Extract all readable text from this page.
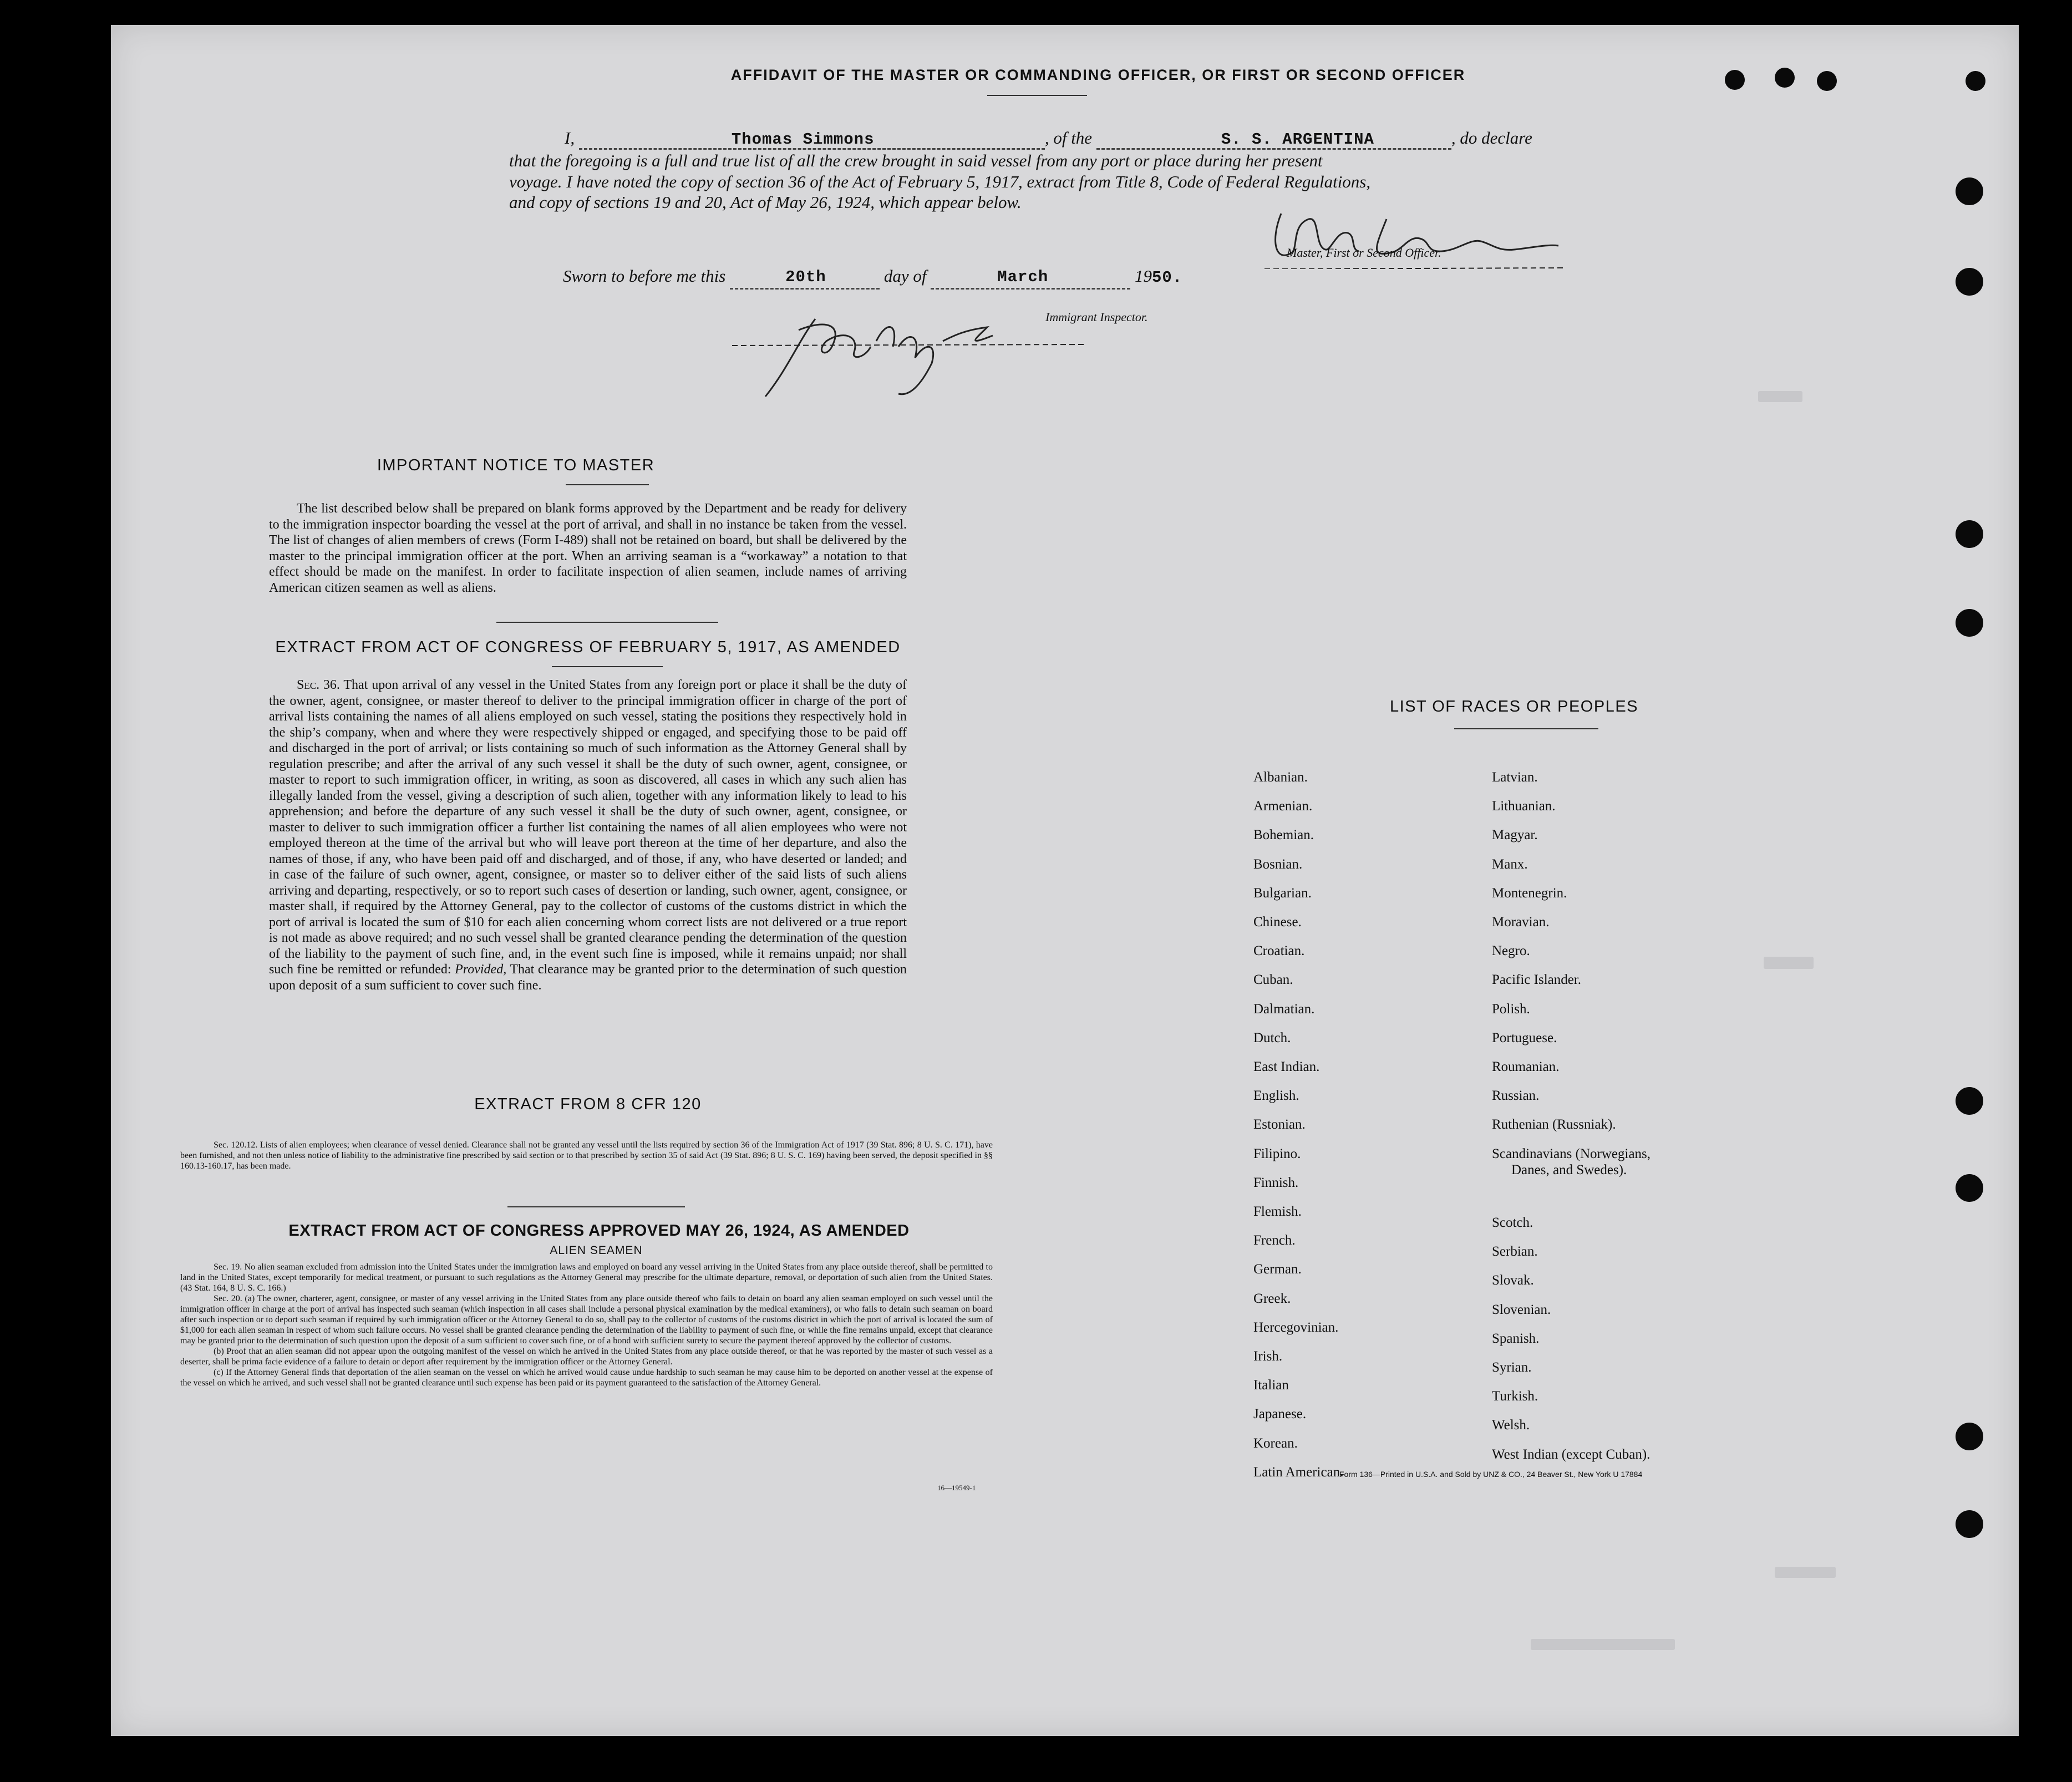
AFFIDAVIT OF THE MASTER OR COMMANDING OFFICER, OR FIRST OR SECOND OFFICER
I,	Thomas Simmons	, of the	S. S. ARGENTINA	, do declare
that the foregoing is a full and true list of all the crew brought in said vessel from any port or place during her present
voyage. I have noted the copy of section 36 of the Act of February 5, 1917, extract from Title 8, Code of Federal Regulations,
and copy of sections 19 and 20, Act of May 26, 1924, which appear below.
Master, First or Second Officer.
Sworn to before me this	20th	day of	March	1950.
Immigrant Inspector.
IMPORTANT NOTICE TO MASTER
The list described below shall be prepared on blank forms approved by the Department and be ready for delivery to the immigration inspector boarding the vessel at the port of arrival, and shall in no instance be taken from the vessel. The list of changes of alien members of crews (Form I-489) shall not be retained on board, but shall be delivered by the master to the principal immigration officer at the port. When an arriving seaman is a “workaway” a notation to that effect should be made on the manifest. In order to facilitate inspection of alien seamen, include names of arriving American citizen seamen as well as aliens.
EXTRACT FROM ACT OF CONGRESS OF FEBRUARY 5, 1917, AS AMENDED
Sec. 36. That upon arrival of any vessel in the United States from any foreign port or place it shall be the duty of the owner, agent, consignee, or master thereof to deliver to the principal immigration officer in charge of the port of arrival lists containing the names of all aliens employed on such vessel, stating the positions they respectively hold in the ship’s company, when and where they were respectively shipped or engaged, and specifying those to be paid off and discharged in the port of arrival; or lists containing so much of such information as the Attorney General shall by regulation prescribe; and after the arrival of any such vessel it shall be the duty of such owner, agent, consignee, or master to report to such immigration officer, in writing, as soon as discovered, all cases in which any such alien has illegally landed from the vessel, giving a description of such alien, together with any information likely to lead to his apprehension; and before the departure of any such vessel it shall be the duty of such owner, agent, consignee, or master to deliver to such immigration officer a further list containing the names of all alien employees who were not employed thereon at the time of the arrival but who will leave port thereon at the time of her departure, and also the names of those, if any, who have been paid off and discharged, and of those, if any, who have deserted or landed; and in case of the failure of such owner, agent, consignee, or master so to deliver either of the said lists of such aliens arriving and departing, respectively, or so to report such cases of desertion or landing, such owner, agent, consignee, or master shall, if required by the Attorney General, pay to the collector of customs of the customs district in which the port of arrival is located the sum of $10 for each alien concerning whom correct lists are not delivered or a true report is not made as above required; and no such vessel shall be granted clearance pending the determination of the question of the liability to the payment of such fine, and, in the event such fine is imposed, while it remains unpaid; nor shall such fine be remitted or refunded: Provided, That clearance may be granted prior to the determination of such question upon deposit of a sum sufficient to cover such fine.
EXTRACT FROM 8 CFR 120
Sec. 120.12. Lists of alien employees; when clearance of vessel denied. Clearance shall not be granted any vessel until the lists required by section 36 of the Immigration Act of 1917 (39 Stat. 896; 8 U. S. C. 171), have been furnished, and not then unless notice of liability to the administrative fine prescribed by said section or to that prescribed by section 35 of said Act (39 Stat. 896; 8 U. S. C. 169) having been served, the deposit specified in §§ 160.13-160.17, has been made.
EXTRACT FROM ACT OF CONGRESS APPROVED MAY 26, 1924, AS AMENDED
ALIEN SEAMEN
Sec. 19. No alien seaman excluded from admission into the United States under the immigration laws and employed on board any vessel arriving in the United States from any place outside thereof, shall be permitted to land in the United States, except temporarily for medical treatment, or pursuant to such regulations as the Attorney General may prescribe for the ultimate departure, removal, or deportation of such alien from the United States. (43 Stat. 164, 8 U. S. C. 166.)
Sec. 20. (a) The owner, charterer, agent, consignee, or master of any vessel arriving in the United States from any place outside thereof who fails to detain on board any alien seaman employed on such vessel until the immigration officer in charge at the port of arrival has inspected such seaman (which inspection in all cases shall include a personal physical examination by the medical examiners), or who fails to detain such seaman on board after such inspection or to deport such seaman if required by such immigration officer or the Attorney General to do so, shall pay to the collector of customs of the customs district in which the port of arrival is located the sum of $1,000 for each alien seaman in respect of whom such failure occurs. No vessel shall be granted clearance pending the determination of the liability to payment of such fine, or while the fine remains unpaid, except that clearance may be granted prior to the determination of such question upon the deposit of a sum sufficient to cover such fine, or of a bond with sufficient surety to secure the payment thereof approved by the collector of customs.
(b) Proof that an alien seaman did not appear upon the outgoing manifest of the vessel on which he arrived in the United States from any place outside thereof, or that he was reported by the master of such vessel as a deserter, shall be prima facie evidence of a failure to detain or deport after requirement by the immigration officer or the Attorney General.
(c) If the Attorney General finds that deportation of the alien seaman on the vessel on which he arrived would cause undue hardship to such seaman he may cause him to be deported on another vessel at the expense of the vessel on which he arrived, and such vessel shall not be granted clearance until such expense has been paid or its payment guaranteed to the satisfaction of the Attorney General.
16—19549-1
LIST OF RACES OR PEOPLES
Albanian.
Armenian.
Bohemian.
Bosnian.
Bulgarian.
Chinese.
Croatian.
Cuban.
Dalmatian.
Dutch.
East Indian.
English.
Estonian.
Filipino.
Finnish.
Flemish.
French.
German.
Greek.
Hercegovinian.
Irish.
Italian
Japanese.
Korean.
Latin American.
Latvian.
Lithuanian.
Magyar.
Manx.
Montenegrin.
Moravian.
Negro.
Pacific Islander.
Polish.
Portuguese.
Roumanian.
Russian.
Ruthenian (Russniak).
Scandinavians (Norwegians,
Danes, and Swedes).
Scotch.
Serbian.
Slovak.
Slovenian.
Spanish.
Syrian.
Turkish.
Welsh.
West Indian (except Cuban).
Form 136—Printed in U.S.A. and Sold by UNZ & CO., 24 Beaver St., New York U 17884
